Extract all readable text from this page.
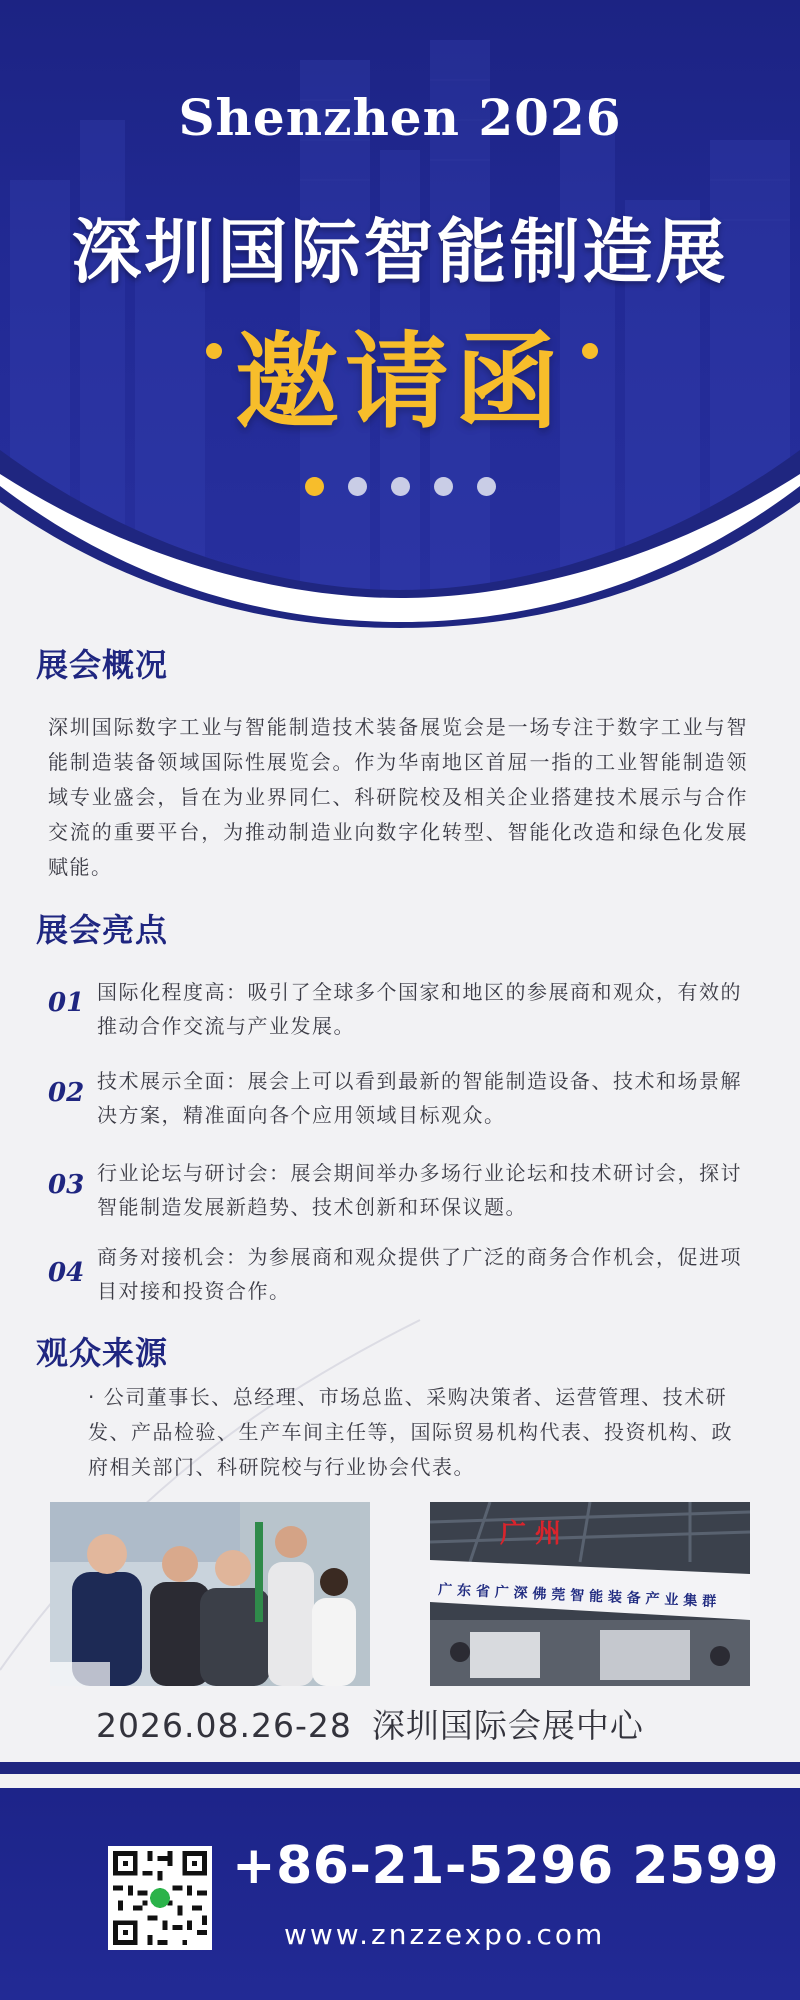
Shenzhen 2026
深圳国际智能制造展
邀请函
展会概况
深圳国际数字工业与智能制造技术装备展览会是一场专注于数字工业与智能制造装备领域国际性展览会。作为华南地区首屈一指的工业智能制造领域专业盛会，旨在为业界同仁、科研院校及相关企业搭建技术展示与合作交流的重要平台，为推动制造业向数字化转型、智能化改造和绿色化发展赋能。
展会亮点
01 国际化程度高：吸引了全球多个国家和地区的参展商和观众，有效的推动合作交流与产业发展。
02 技术展示全面：展会上可以看到最新的智能制造设备、技术和场景解决方案，精准面向各个应用领域目标观众。
03 行业论坛与研讨会：展会期间举办多场行业论坛和技术研讨会，探讨智能制造发展新趋势、技术创新和环保议题。
04
商务对接机会：为参展商和观众提供了广泛的商务合作机会，促进项目对接和投资合作。
观众来源
· 公司董事长、总经理、市场总监、采购决策者、运营管理、技术研发、产品检验、生产车间主任等，国际贸易机构代表、投资机构、政府相关部门、科研院校与行业协会代表。
广 州
广 东 省 广 深 佛 莞 智 能 装 备 产 业 集 群
2026.08.26-28 深圳国际会展中心
+86-21-5296 2599
www.znzzexpo.com
